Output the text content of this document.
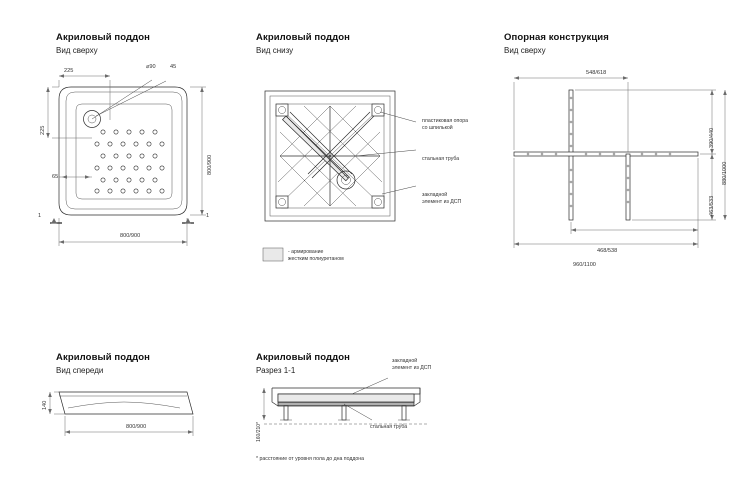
Акриловый поддон
Вид сверху
225
225
⌀90	45
65
800/900
800/900
1	1
Акриловый поддон
Вид снизу
пластиковая опора
со шпилькой
стальная труба
закладной
элемент из ДСП
- армирование
жестким полиуретаном
Опорная конструкция
Вид сверху
548/618
468/538
960/1100
390/440
463/533
880/1000
Акриловый поддон
Вид спереди
140
800/900
Акриловый поддон
Разрез 1-1
160/210*
закладной
элемент из ДСП
стальная труба
* расстояние от уровня пола до дна поддона
